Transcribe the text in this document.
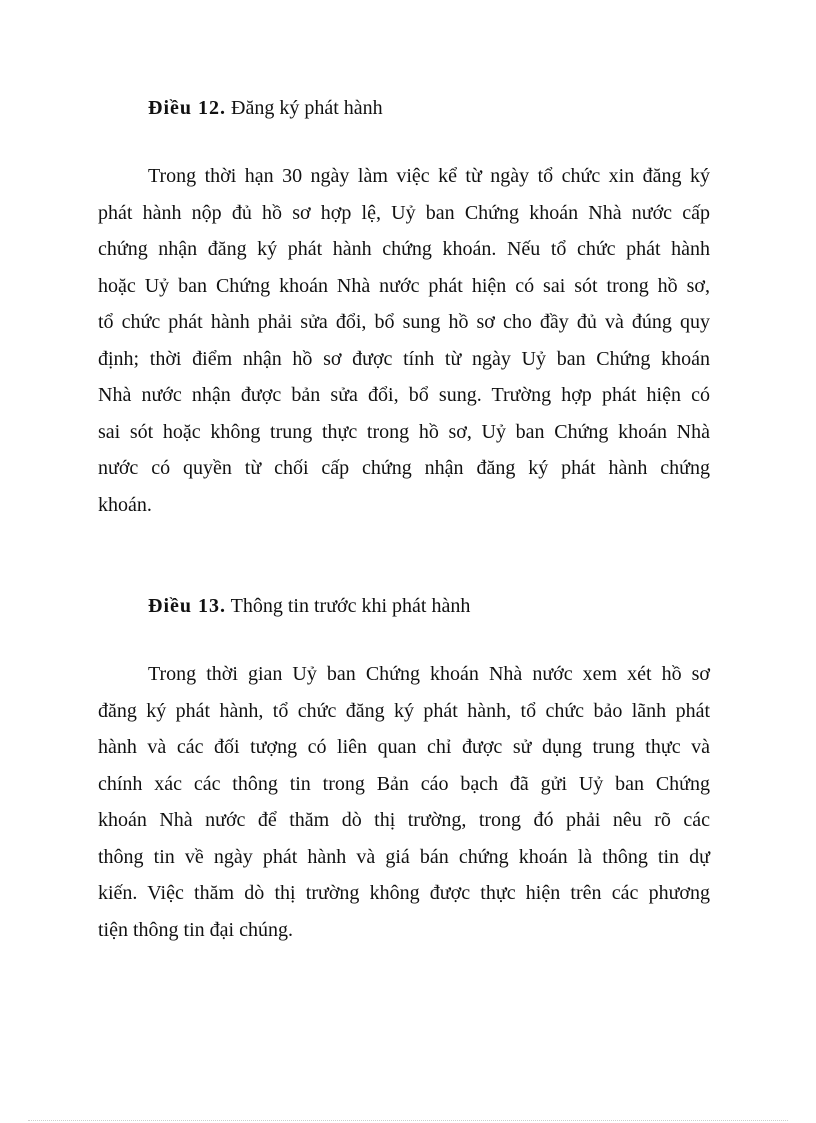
Điều 12. Đăng ký phát hành

Trong thời hạn 30 ngày làm việc kể từ ngày tổ chức xin đăng ký
phát hành nộp đủ hồ sơ hợp lệ, Uỷ ban Chứng khoán Nhà nước cấp
chứng nhận đăng ký phát hành chứng khoán. Nếu tổ chức phát hành
hoặc Uỷ ban Chứng khoán Nhà nước phát hiện có sai sót trong hồ sơ,
tổ chức phát hành phải sửa đổi, bổ sung hồ sơ cho đầy đủ và đúng quy
định; thời điểm nhận hồ sơ được tính từ ngày Uỷ ban Chứng khoán
Nhà nước nhận được bản sửa đổi, bổ sung. Trường hợp phát hiện có
sai sót hoặc không trung thực trong hồ sơ, Uỷ ban Chứng khoán Nhà
nước có quyền từ chối cấp chứng nhận đăng ký phát hành chứng
khoán.

Điều 13. Thông tin trước khi phát hành

Trong thời gian Uỷ ban Chứng khoán Nhà nước xem xét hồ sơ
đăng ký phát hành, tổ chức đăng ký phát hành, tổ chức bảo lãnh phát
hành và các đối tượng có liên quan chỉ được sử dụng trung thực và
chính xác các thông tin trong Bản cáo bạch đã gửi Uỷ ban Chứng
khoán Nhà nước để thăm dò thị trường, trong đó phải nêu rõ các
thông tin về ngày phát hành và giá bán chứng khoán là thông tin dự
kiến. Việc thăm dò thị trường không được thực hiện trên các phương
tiện thông tin đại chúng.
